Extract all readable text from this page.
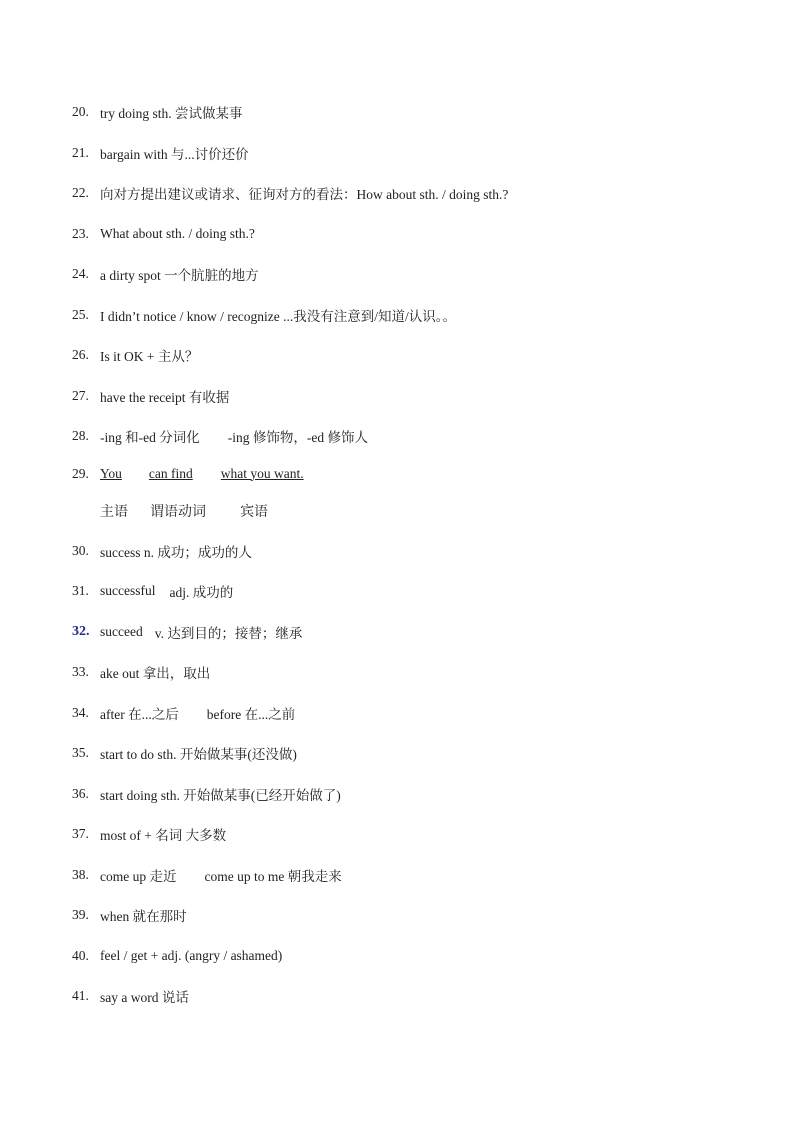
20. try doing sth. 尝试做某事
21. bargain with 与...讨价还价
22. 向对方提出建议或请求、征询对方的看法：How about sth. / doing sth.?
23. What about sth. / doing sth.?
24. a dirty spot 一个肮脏的地方
25. I didn’t notice / know / recognize ...我没有注意到/知道/认识。。
26. Is it OK + 主从？
27. have the receipt 有收据
28. -ing 和-ed 分词化 -ing 修饰物，-ed 修饰人
29. You can find what you want.
主语 谓语动词 宾语
30. success n. 成功；成功的人
31. successful adj. 成功的
32. succeed v. 达到目的；接替；继承
33. ake out 拿出，取出
34. after 在...之后 before 在...之前
35. start to do sth. 开始做某事(还没做)
36. start doing sth. 开始做某事(已经开始做了)
37. most of + 名词 大多数
38. come up 走近 come up to me 朝我走来
39. when 就在那时
40. feel / get + adj. (angry / ashamed)
41. say a word 说话
